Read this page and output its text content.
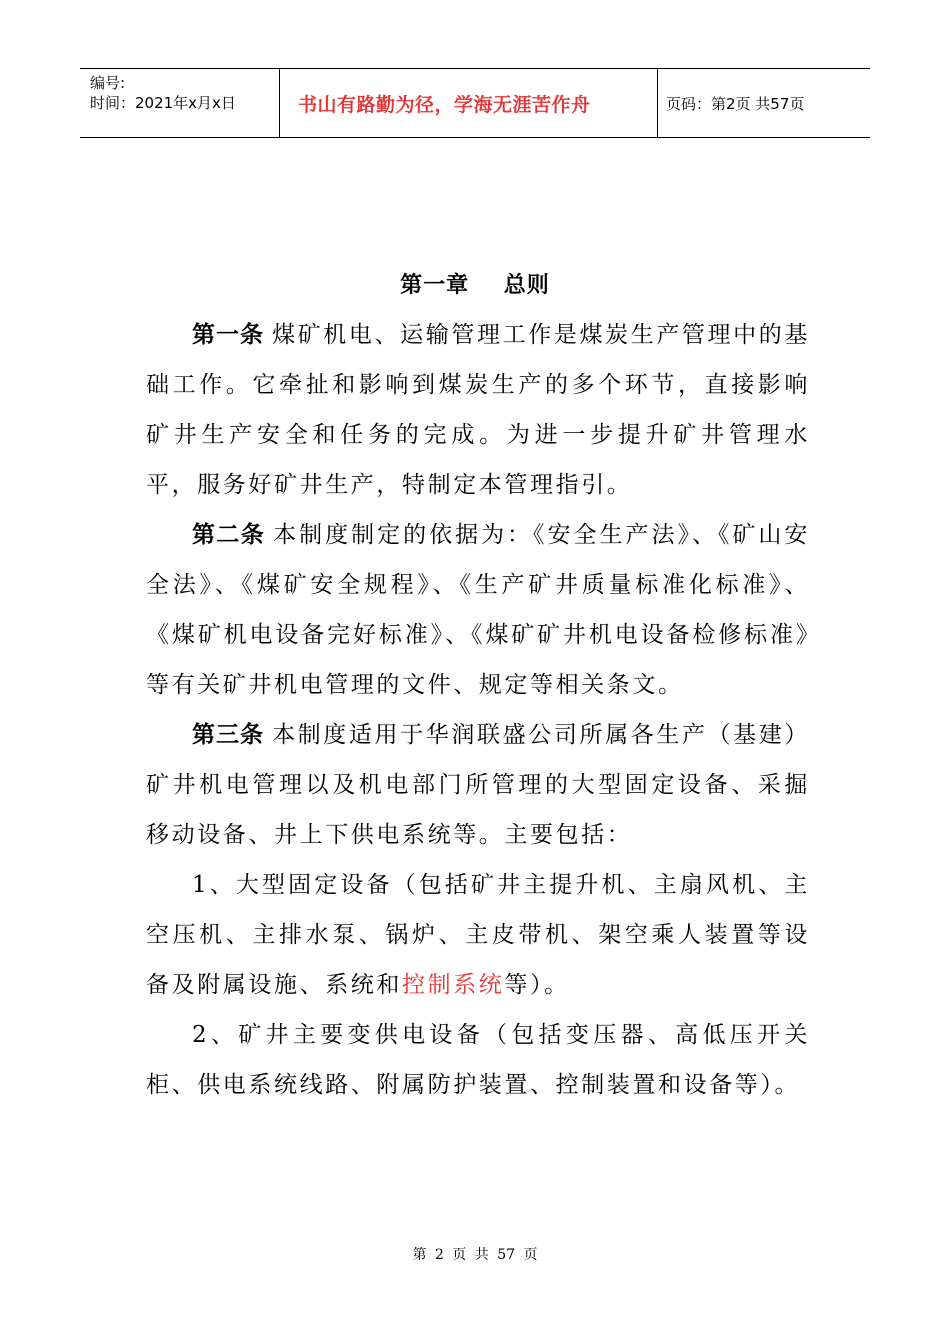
编号:
时间：2021年x月x日	书山有路勤为径，学海无涯苦作舟	页码：第2页 共57页
第一章    总则

第一条 煤矿机电、运输管理工作是煤炭生产管理中的基础工作。它牵扯和影响到煤炭生产的多个环节，直接影响矿井生产安全和任务的完成。为进一步提升矿井管理水平，服务好矿井生产，特制定本管理指引。

第二条 本制度制定的依据为：《安全生产法》、《矿山安全法》、《煤矿安全规程》、《生产矿井质量标准化标准》、《煤矿机电设备完好标准》、《煤矿矿井机电设备检修标准》等有关矿井机电管理的文件、规定等相关条文。

第三条 本制度适用于华润联盛公司所属各生产（基建）矿井机电管理以及机电部门所管理的大型固定设备、采掘移动设备、井上下供电系统等。主要包括：

1、大型固定设备（包括矿井主提升机、主扇风机、主空压机、主排水泵、锅炉、主皮带机、架空乘人装置等设备及附属设施、系统和控制系统等）。

2、矿井主要变供电设备（包括变压器、高低压开关柜、供电系统线路、附属防护装置、控制装置和设备等）。

第 2 页 共 57 页
